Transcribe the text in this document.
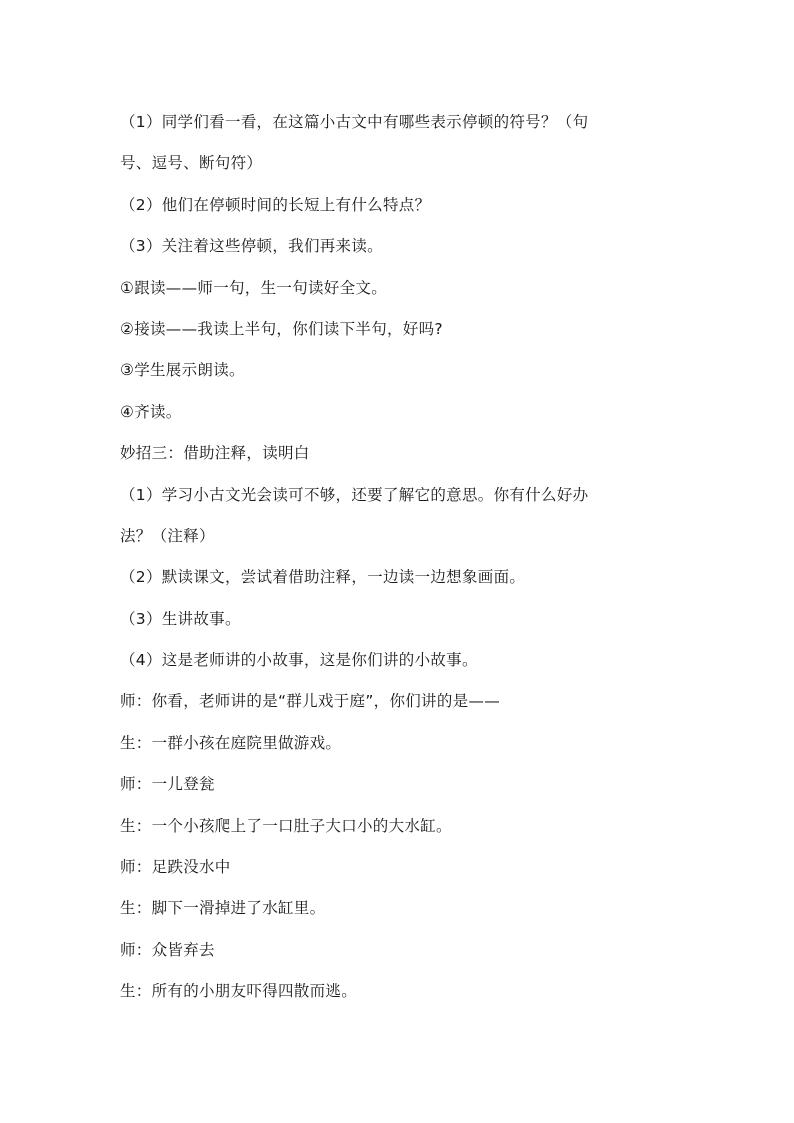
（1）同学们看一看，在这篇小古文中有哪些表示停顿的符号？（句
号、逗号、断句符）
（2）他们在停顿时间的长短上有什么特点？
（3）关注着这些停顿，我们再来读。
①跟读——师一句，生一句读好全文。
②接读——我读上半句，你们读下半句，好吗?
③学生展示朗读。
④齐读。
妙招三：借助注释，读明白
（1）学习小古文光会读可不够，还要了解它的意思。你有什么好办
法？（注释）
（2）默读课文，尝试着借助注释，一边读一边想象画面。
（3）生讲故事。
（4）这是老师讲的小故事，这是你们讲的小故事。
师：你看，老师讲的是“群儿戏于庭”，你们讲的是——
生：一群小孩在庭院里做游戏。
师：一儿登瓮
生：一个小孩爬上了一口肚子大口小的大水缸。
师：足跌没水中
生：脚下一滑掉进了水缸里。
师：众皆弃去
生：所有的小朋友吓得四散而逃。
